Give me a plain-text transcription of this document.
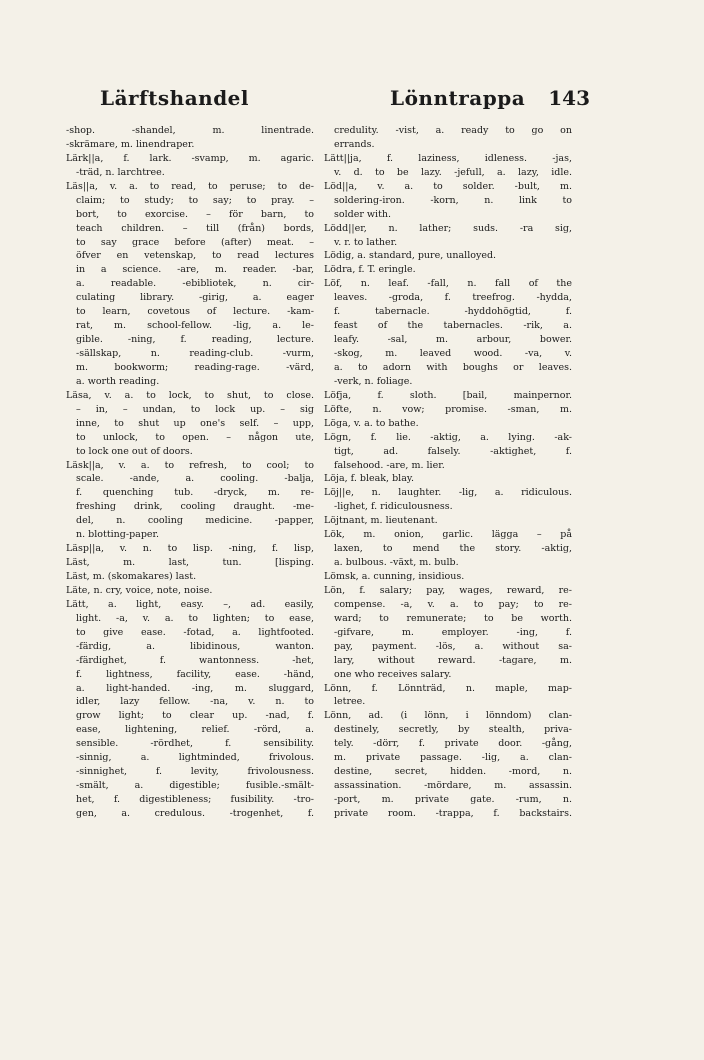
Lärftshandel	Lönntrappa 143
-shop. -shandel, m. linentrade.
-skrämare, m. linendraper.
Lärk||a, f. lark. -svamp, m. agaric.
-träd, n. larchtree.
Läs||a, v. a. to read, to peruse; to de-
claim; to study; to say; to pray. –
bort, to exorcise. – för barn, to
teach children. – till (från) bords,
to say grace before (after) meat. –
öfver en vetenskap, to read lectures
in a science. -are, m. reader. -bar,
a. readable. -ebibliotek, n. cir-
culating library. -girig, a. eager
to learn, covetous of lecture. -kam-
rat, m. school-fellow. -lig, a. le-
gible. -ning, f. reading, lecture.
-sällskap, n. reading-club. -vurm,
m. bookworm; reading-rage. -värd,
a. worth reading.
Läsa, v. a. to lock, to shut, to close.
– in, – undan, to lock up. – sig
inne, to shut up one's self. – upp,
to unlock, to open. – någon ute,
to lock one out of doors.
Läsk||a, v. a. to refresh, to cool; to
scale. -ande, a. cooling. -balja,
f. quenching tub. -dryck, m. re-
freshing drink, cooling draught. -me-
del, n. cooling medicine. -papper,
n. blotting-paper.
Läsp||a, v. n. to lisp. -ning, f. lisp,
Läst, m. last, tun. [lisping.
Läst, m. (skomakares) last.
Läte, n. cry, voice, note, noise.
Lätt, a. light, easy. –, ad. easily,
light. -a, v. a. to lighten; to ease,
to give ease. -fotad, a. lightfooted.
-färdig, a. libidinous, wanton.
-färdighet, f. wantonness. -het,
f. lightness, facility, ease. -händ,
a. light-handed. -ing, m. sluggard,
idler, lazy fellow. -na, v. n. to
grow light; to clear up. -nad, f.
ease, lightening, relief. -rörd, a.
sensible. -rördhet, f. sensibility.
-sinnig, a. lightminded, frivolous.
-sinnighet, f. levity, frivolousness.
-smält, a. digestible; fusible.-smält-
het, f. digestibleness; fusibility. -tro-
gen, a. credulous. -trogenhet, f.
credulity. -vist, a. ready to go on
errands.
Lätt||ja, f. laziness, idleness. -jas,
v. d. to be lazy. -jefull, a. lazy, idle.
Löd||a, v. a. to solder. -bult, m.
soldering-iron. -korn, n. link to
solder with.
Lödd||er, n. lather; suds. -ra sig,
v. r. to lather.
Lödig, a. standard, pure, unalloyed.
Lödra, f. T. eringle.
Löf, n. leaf. -fall, n. fall of the
leaves. -groda, f. treefrog. -hydda,
f. tabernacle. -hyddohögtid, f.
feast of the tabernacles. -rik, a.
leafy. -sal, m. arbour, bower.
-skog, m. leaved wood. -va, v.
a. to adorn with boughs or leaves.
-verk, n. foliage.
Löfja, f. sloth. [bail, mainpernor.
Löfte, n. vow; promise. -sman, m.
Löga, v. a. to bathe.
Lögn, f. lie. -aktig, a. lying. -ak-
tigt, ad. falsely. -aktighet, f.
falsehood. -are, m. lier.
Löja, f. bleak, blay.
Löj||e, n. laughter. -lig, a. ridiculous.
-lighet, f. ridiculousness.
Löjtnant, m. lieutenant.
Lök, m. onion, garlic. lägga – på
laxen, to mend the story. -aktig,
a. bulbous. -växt, m. bulb.
Lömsk, a. cunning, insidious.
Lön, f. salary; pay, wages, reward, re-
compense. -a, v. a. to pay; to re-
ward; to remunerate; to be worth.
-gifvare, m. employer. -ing, f.
pay, payment. -lös, a. without sa-
lary, without reward. -tagare, m.
one who receives salary.
Lönn, f. Lönnträd, n. maple, map-
letree.
Lönn, ad. (i lönn, i lönndom) clan-
destinely, secretly, by stealth, priva-
tely. -dörr, f. private door. -gång,
m. private passage. -lig, a. clan-
destine, secret, hidden. -mord, n.
assassination. -mördare, m. assassin.
-port, m. private gate. -rum, n.
private room. -trappa, f. backstairs.
